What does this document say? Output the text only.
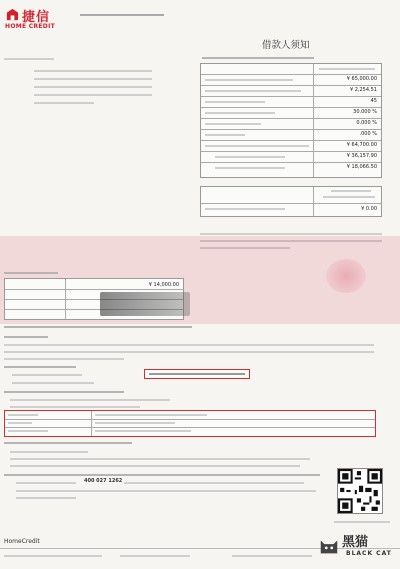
捷信
HOME CREDIT
借款人须知
¥ 65,000.00
¥ 2,254.51
45
30.000 %
0.000 %
.000 %
¥ 64,700.00
¥ 36,157.90
¥ 18,066.50
¥ 0.00
¥ 14,000.00
400 027 1262
HomeCredit	黑猫
BLACK CAT
